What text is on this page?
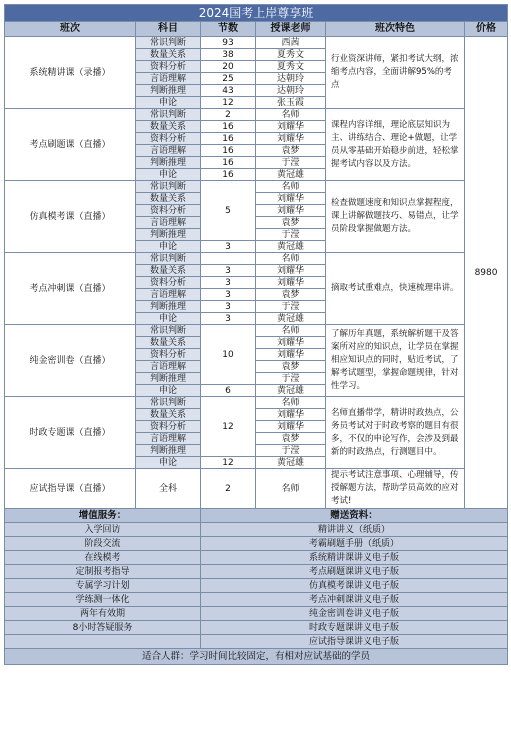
2024国考上岸尊享班					
班次	科目	节数	授课老师	班次特色	价格
系统精讲课（录播）	常识判断	93	西茜	行业资深讲师，紧扣考试大纲，浓缩考点内容，全面讲解95%的考点	8980
	数量关系	38	夏秀文		
	资料分析	20	夏秀文		
	言语理解	25	达朝玲		
	判断推理	43	达朝玲		
	申论	12	张玉霞		
考点刷题课（直播）	常识判断	2	名师	课程内容详细，理论底层知识为主、讲练结合、理论+做题，让学员从零基础开始稳步前进，轻松掌握考试内容以及方法。	
	数量关系	16	刘耀华		
	资料分析	16	刘耀华		
	言语理解	16	袁梦		
	判断推理	16	于滢		
	申论	16	黄冠雄		
仿真模考课（直播）	常识判断	5	名师	检查做题速度和知识点掌握程度，课上讲解做题技巧、易错点，让学员阶段掌握做题方法。	
	数量关系		刘耀华		
	资料分析		刘耀华		
	言语理解		袁梦		
	判断推理		于滢		
	申论	3	黄冠雄		
考点冲刺课（直播）	常识判断		名师	摘取考试重难点，快速梳理串讲。	
	数量关系	3	刘耀华		
	资料分析	3	刘耀华		
	言语理解	3	袁梦		
	判断推理	3	于滢		
	申论	3	黄冠雄		
纯金密训卷（直播）	常识判断	10	名师	了解历年真题，系统解析题干及答案所对应的知识点，让学员在掌握相应知识点的同时，贴近考试，了解考试题型，掌握命题规律，针对性学习。	
	数量关系		刘耀华		
	资料分析		刘耀华		
	言语理解		袁梦		
	判断推理		于滢		
	申论	6	黄冠雄		
时政专题课（直播）	常识判断	12	名师	名师直播带学，精讲时政热点，公务员考试对于时政考察的题目有很多，不仅的申论写作，会涉及到最新的时政热点，行测题目中。	
	数量关系		刘耀华		
	资料分析		刘耀华		
	言语理解		袁梦		
	判断推理		于滢		
	申论	12	黄冠雄		
应试指导课（直播）	全科	2	名师	提示考试注意事项、心理辅导，传授解题方法，帮助学员高效的应对考试!	
增值服务：		赠送资料：			
入学回访		精讲讲义（纸质）			
阶段交流		考霸刷题手册（纸质）			
在线模考		系统精讲课讲义电子版			
定制报考指导		考点刷题课讲义电子版			
专属学习计划		仿真模考课讲义电子版			
学练测一体化		考点冲刺课讲义电子版			
两年有效期		纯金密训卷讲义电子版			
8小时答疑服务		时政专题课讲义电子版			
		应试指导课讲义电子版			
适合人群：学习时间比较固定，有相对应试基础的学员					
